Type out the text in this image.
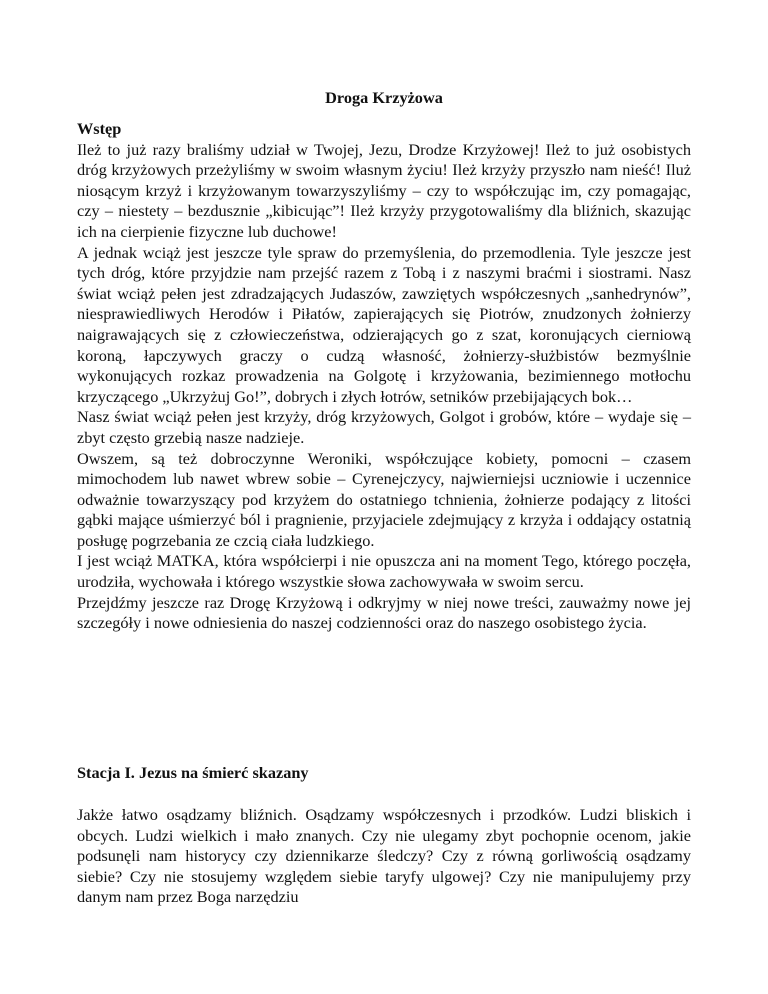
Droga Krzyżowa
Wstęp
Ileż to już razy braliśmy udział w Twojej, Jezu, Drodze Krzyżowej! Ileż to już osobistych dróg krzyżowych przeżyliśmy w swoim własnym życiu! Ileż krzyży przyszło nam nieść! Iluż niosącym krzyż i krzyżowanym towarzyszyliśmy – czy to współczując im, czy pomagając, czy – niestety – bezdusznie „kibicując”! Ileż krzyży przygotowaliśmy dla bliźnich, skazując ich na cierpienie fizyczne lub duchowe!
A jednak wciąż jest jeszcze tyle spraw do przemyślenia, do przemodlenia. Tyle jeszcze jest tych dróg, które przyjdzie nam przejść razem z Tobą i z naszymi braćmi i siostrami. Nasz świat wciąż pełen jest zdradzających Judaszów, zawziętych współczesnych „sanhedrynów”, niesprawiedliwych Herodów i Piłatów, zapierających się Piotrów, znudzonych żołnierzy naigrawających się z człowieczeństwa, odzierających go z szat, koronujących cierniową koroną, łapczywych graczy o cudzą własność, żołnierzy-służbistów bezmyślnie wykonujących rozkaz prowadzenia na Golgotę i krzyżowania, bezimiennego motłochu krzyczącego „Ukrzyżuj Go!”, dobrych i złych łotrów, setników przebijających bok…
Nasz świat wciąż pełen jest krzyży, dróg krzyżowych, Golgot i grobów, które – wydaje się – zbyt często grzebią nasze nadzieje.
Owszem, są też dobroczynne Weroniki, współczujące kobiety, pomocni – czasem mimochodem lub nawet wbrew sobie – Cyrenejczycy, najwierniejsi uczniowie i uczennice odważnie towarzyszący pod krzyżem do ostatniego tchnienia, żołnierze podający z litości gąbki mające uśmierzyć ból i pragnienie, przyjaciele zdejmujący z krzyża i oddający ostatnią posługę pogrzebania ze czcią ciała ludzkiego.
I jest wciąż MATKA, która współcierpi i nie opuszcza ani na moment Tego, którego poczęła, urodziła, wychowała i którego wszystkie słowa zachowywała w swoim sercu.
Przejdźmy jeszcze raz Drogę Krzyżową i odkryjmy w niej nowe treści, zauważmy nowe jej szczegóły i nowe odniesienia do naszej codzienności oraz do naszego osobistego życia.
Stacja I. Jezus na śmierć skazany
Jakże łatwo osądzamy bliźnich. Osądzamy współczesnych i przodków. Ludzi bliskich i obcych. Ludzi wielkich i mało znanych. Czy nie ulegamy zbyt pochopnie ocenom, jakie podsunęli nam historycy czy dziennikarze śledczy? Czy z równą gorliwością osądzamy siebie? Czy nie stosujemy względem siebie taryfy ulgowej? Czy nie manipulujemy przy danym nam przez Boga narzędziu
